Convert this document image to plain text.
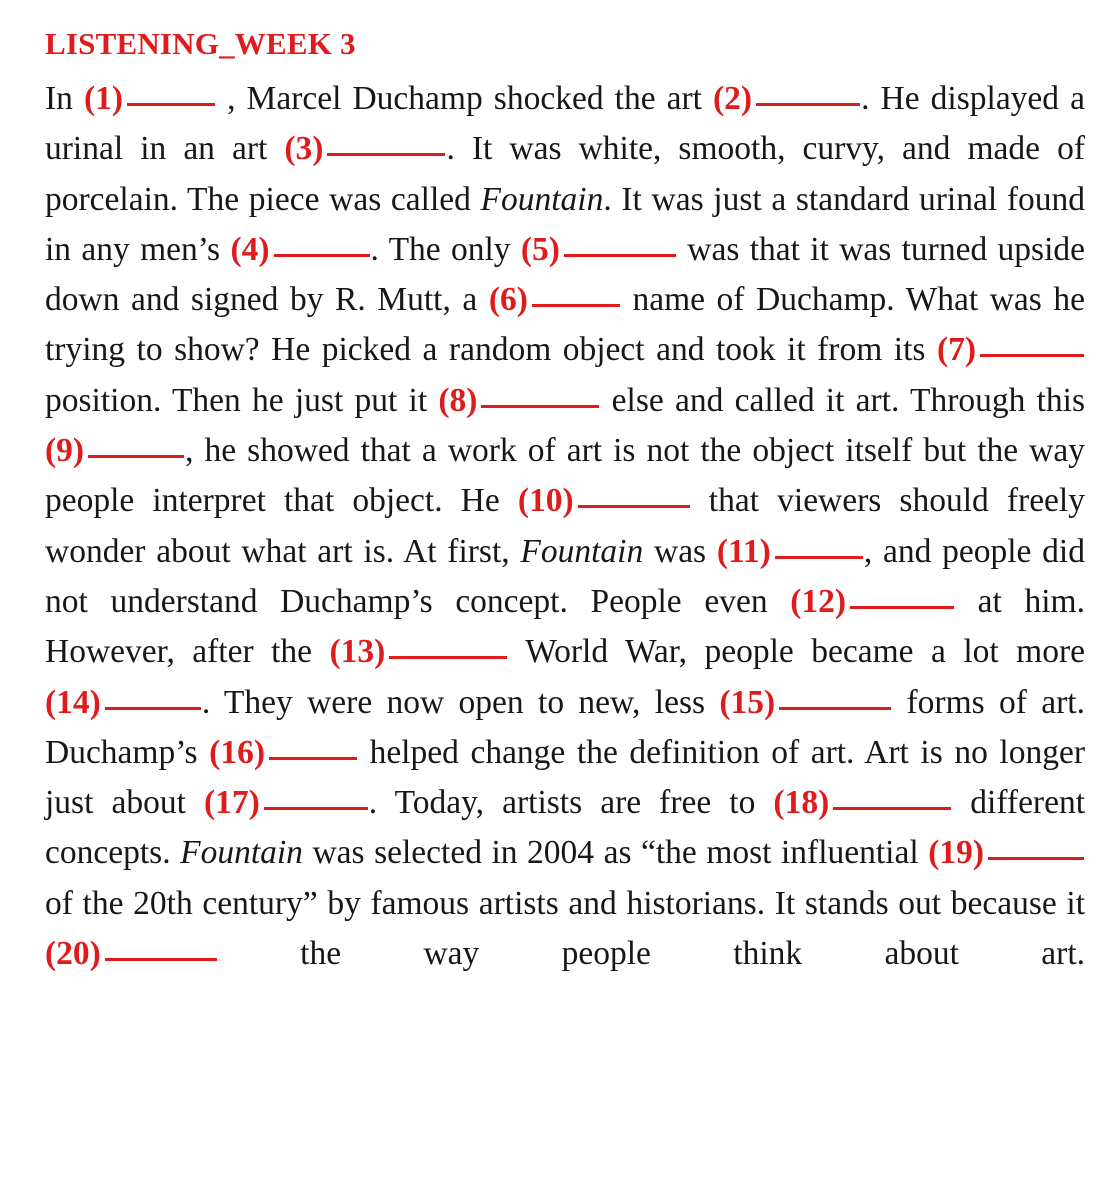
LISTENING_WEEK 3
In (1)	, Marcel Duchamp shocked the art (2)	. He displayed a urinal in an art (3)	. It was white, smooth, curvy, and made of porcelain. The piece was called Fountain. It was just a standard urinal found in any men’s (4)	. The only (5)	was that it was turned upside down and signed by R. Mutt, a (6)	name of Duchamp. What was he trying to show? He picked a random object and took it from its (7) position. Then he just put it (8)	else and called it art. Through this (9)	, he showed that a work of art is not the object itself but the way people interpret that object. He (10)	that viewers should freely wonder about what art is. At first, Fountain was (11)	, and people did not understand Duchamp’s concept. People even (12)	at him. However, after the (13)	World War, people became a lot more (14)	. They were now open to new, less (15)	forms of art. Duchamp’s (16)	helped change the definition of art. Art is no longer just about (17)	. Today, artists are free to (18)	different concepts. Fountain was selected in 2004 as “the most influential (19) of the 20th century” by famous artists and historians. It stands out because it (20)	the way people think about art.
